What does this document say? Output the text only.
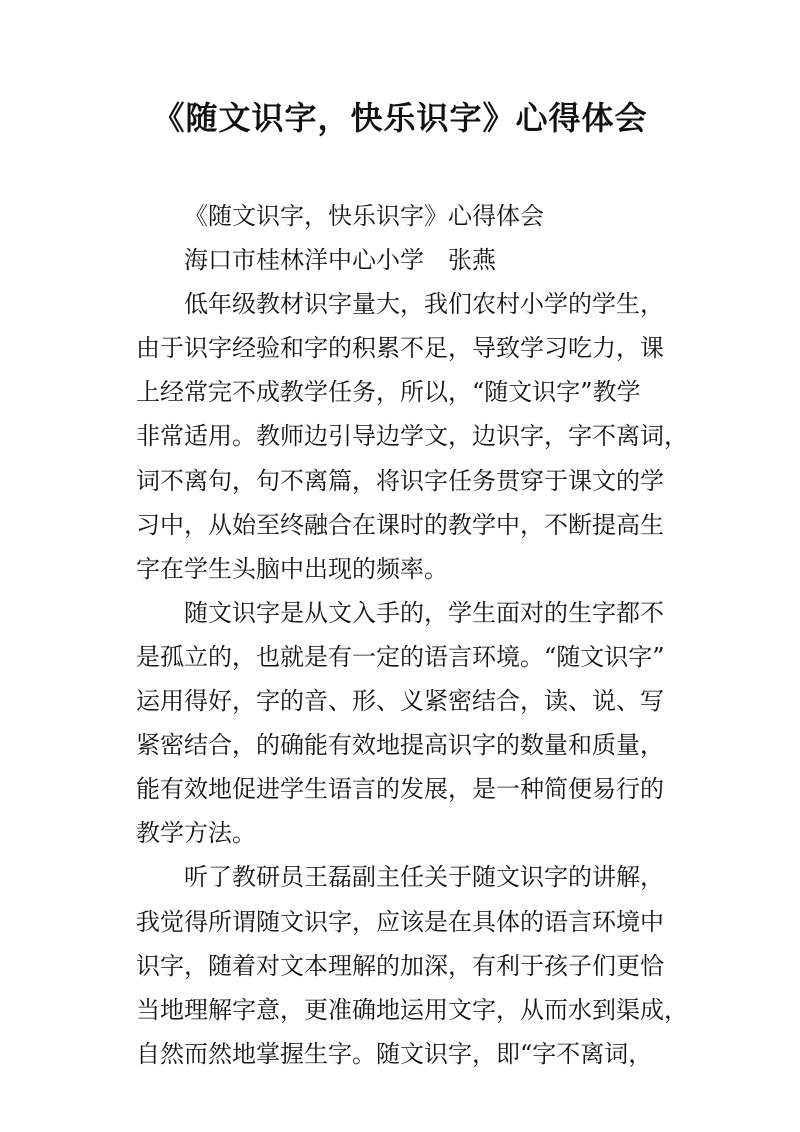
《随文识字，快乐识字》心得体会
《随文识字，快乐识字》心得体会
海口市桂林洋中心小学　张燕
低年级教材识字量大，我们农村小学的学生，
由于识字经验和字的积累不足，导致学习吃力，课
上经常完不成教学任务，所以，“随文识字”教学
非常适用。教师边引导边学文，边识字，字不离词，
词不离句，句不离篇，将识字任务贯穿于课文的学
习中，从始至终融合在课时的教学中，不断提高生
字在学生头脑中出现的频率。
随文识字是从文入手的，学生面对的生字都不
是孤立的，也就是有一定的语言环境。“随文识字”
运用得好，字的音、形、义紧密结合，读、说、写
紧密结合，的确能有效地提高识字的数量和质量，
能有效地促进学生语言的发展，是一种简便易行的
教学方法。
听了教研员王磊副主任关于随文识字的讲解，
我觉得所谓随文识字，应该是在具体的语言环境中
识字，随着对文本理解的加深，有利于孩子们更恰
当地理解字意，更准确地运用文字，从而水到渠成，
自然而然地掌握生字。随文识字，即“字不离词，
